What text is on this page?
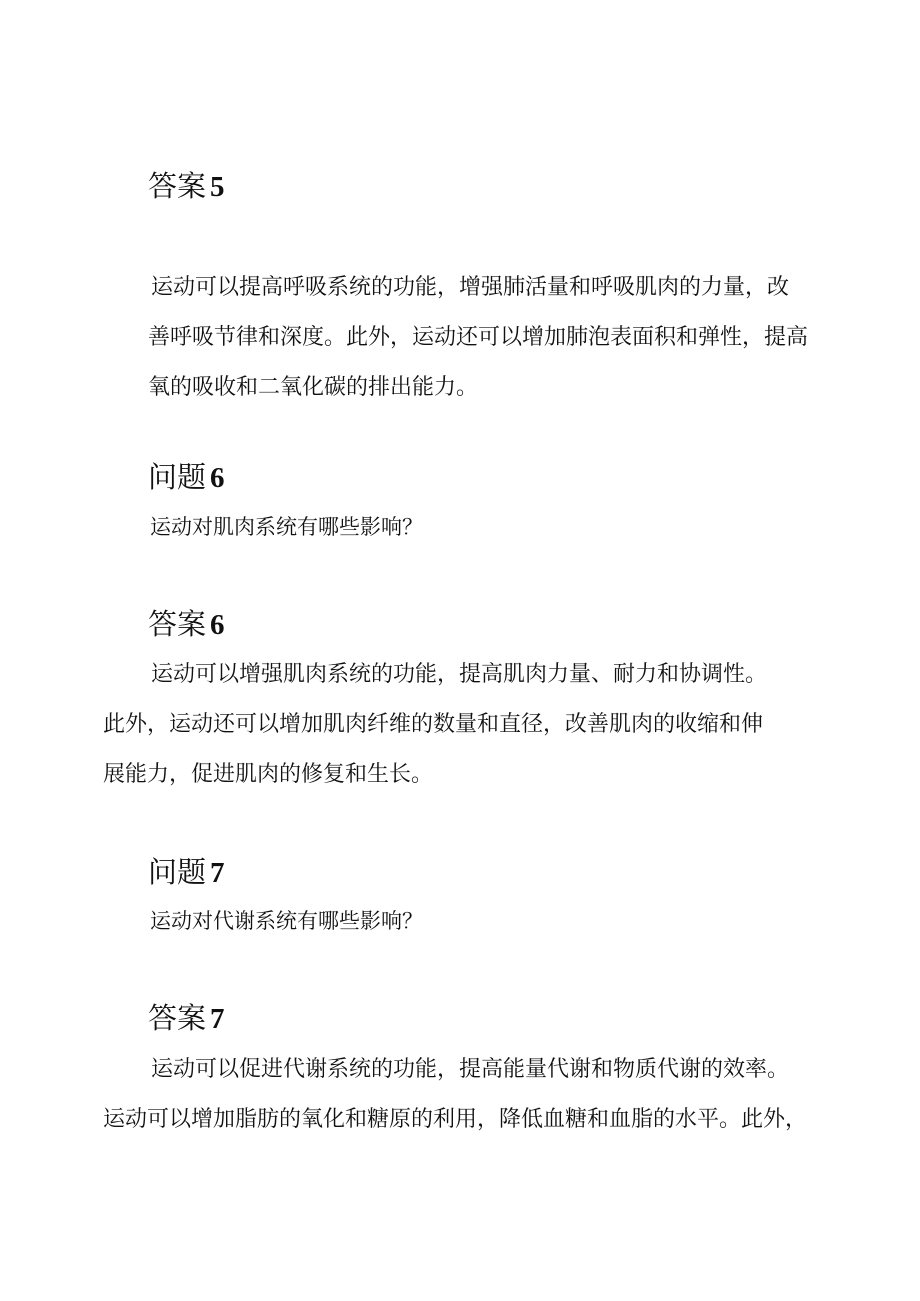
答案 5
运动可以提高呼吸系统的功能，增强肺活量和呼吸肌肉的力量，改
善呼吸节律和深度。此外，运动还可以增加肺泡表面积和弹性，提高
氧的吸收和二氧化碳的排出能力。
问题 6

运动对肌肉系统有哪些影响？

答案 6
运动可以增强肌肉系统的功能，提高肌肉力量、耐力和协调性。
此外，运动还可以增加肌肉纤维的数量和直径，改善肌肉的收缩和伸
展能力，促进肌肉的修复和生长。
问题 7

运动对代谢系统有哪些影响？

答案 7
运动可以促进代谢系统的功能，提高能量代谢和物质代谢的效率。
运动可以增加脂肪的氧化和糖原的利用，降低血糖和血脂的水平。此外，
